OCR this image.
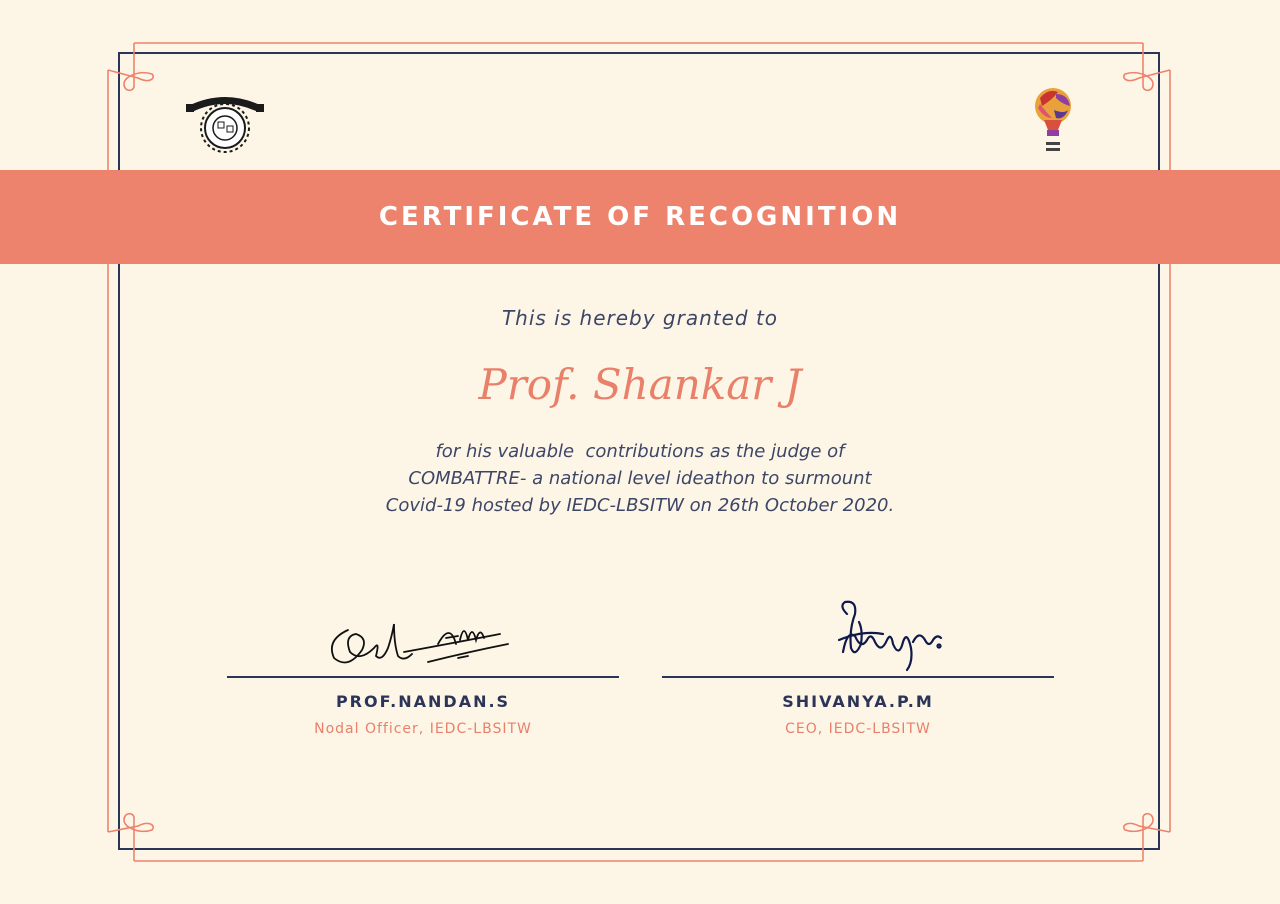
CERTIFICATE OF RECOGNITION
This is hereby granted to
Prof. Shankar J
for his valuable  contributions as the judge of
COMBATTRE- a national level ideathon to surmount
Covid-19 hosted by IEDC-LBSITW on 26th October 2020.
PROF.NANDAN.S
Nodal Officer, IEDC-LBSITW
SHIVANYA.P.M
CEO, IEDC-LBSITW
